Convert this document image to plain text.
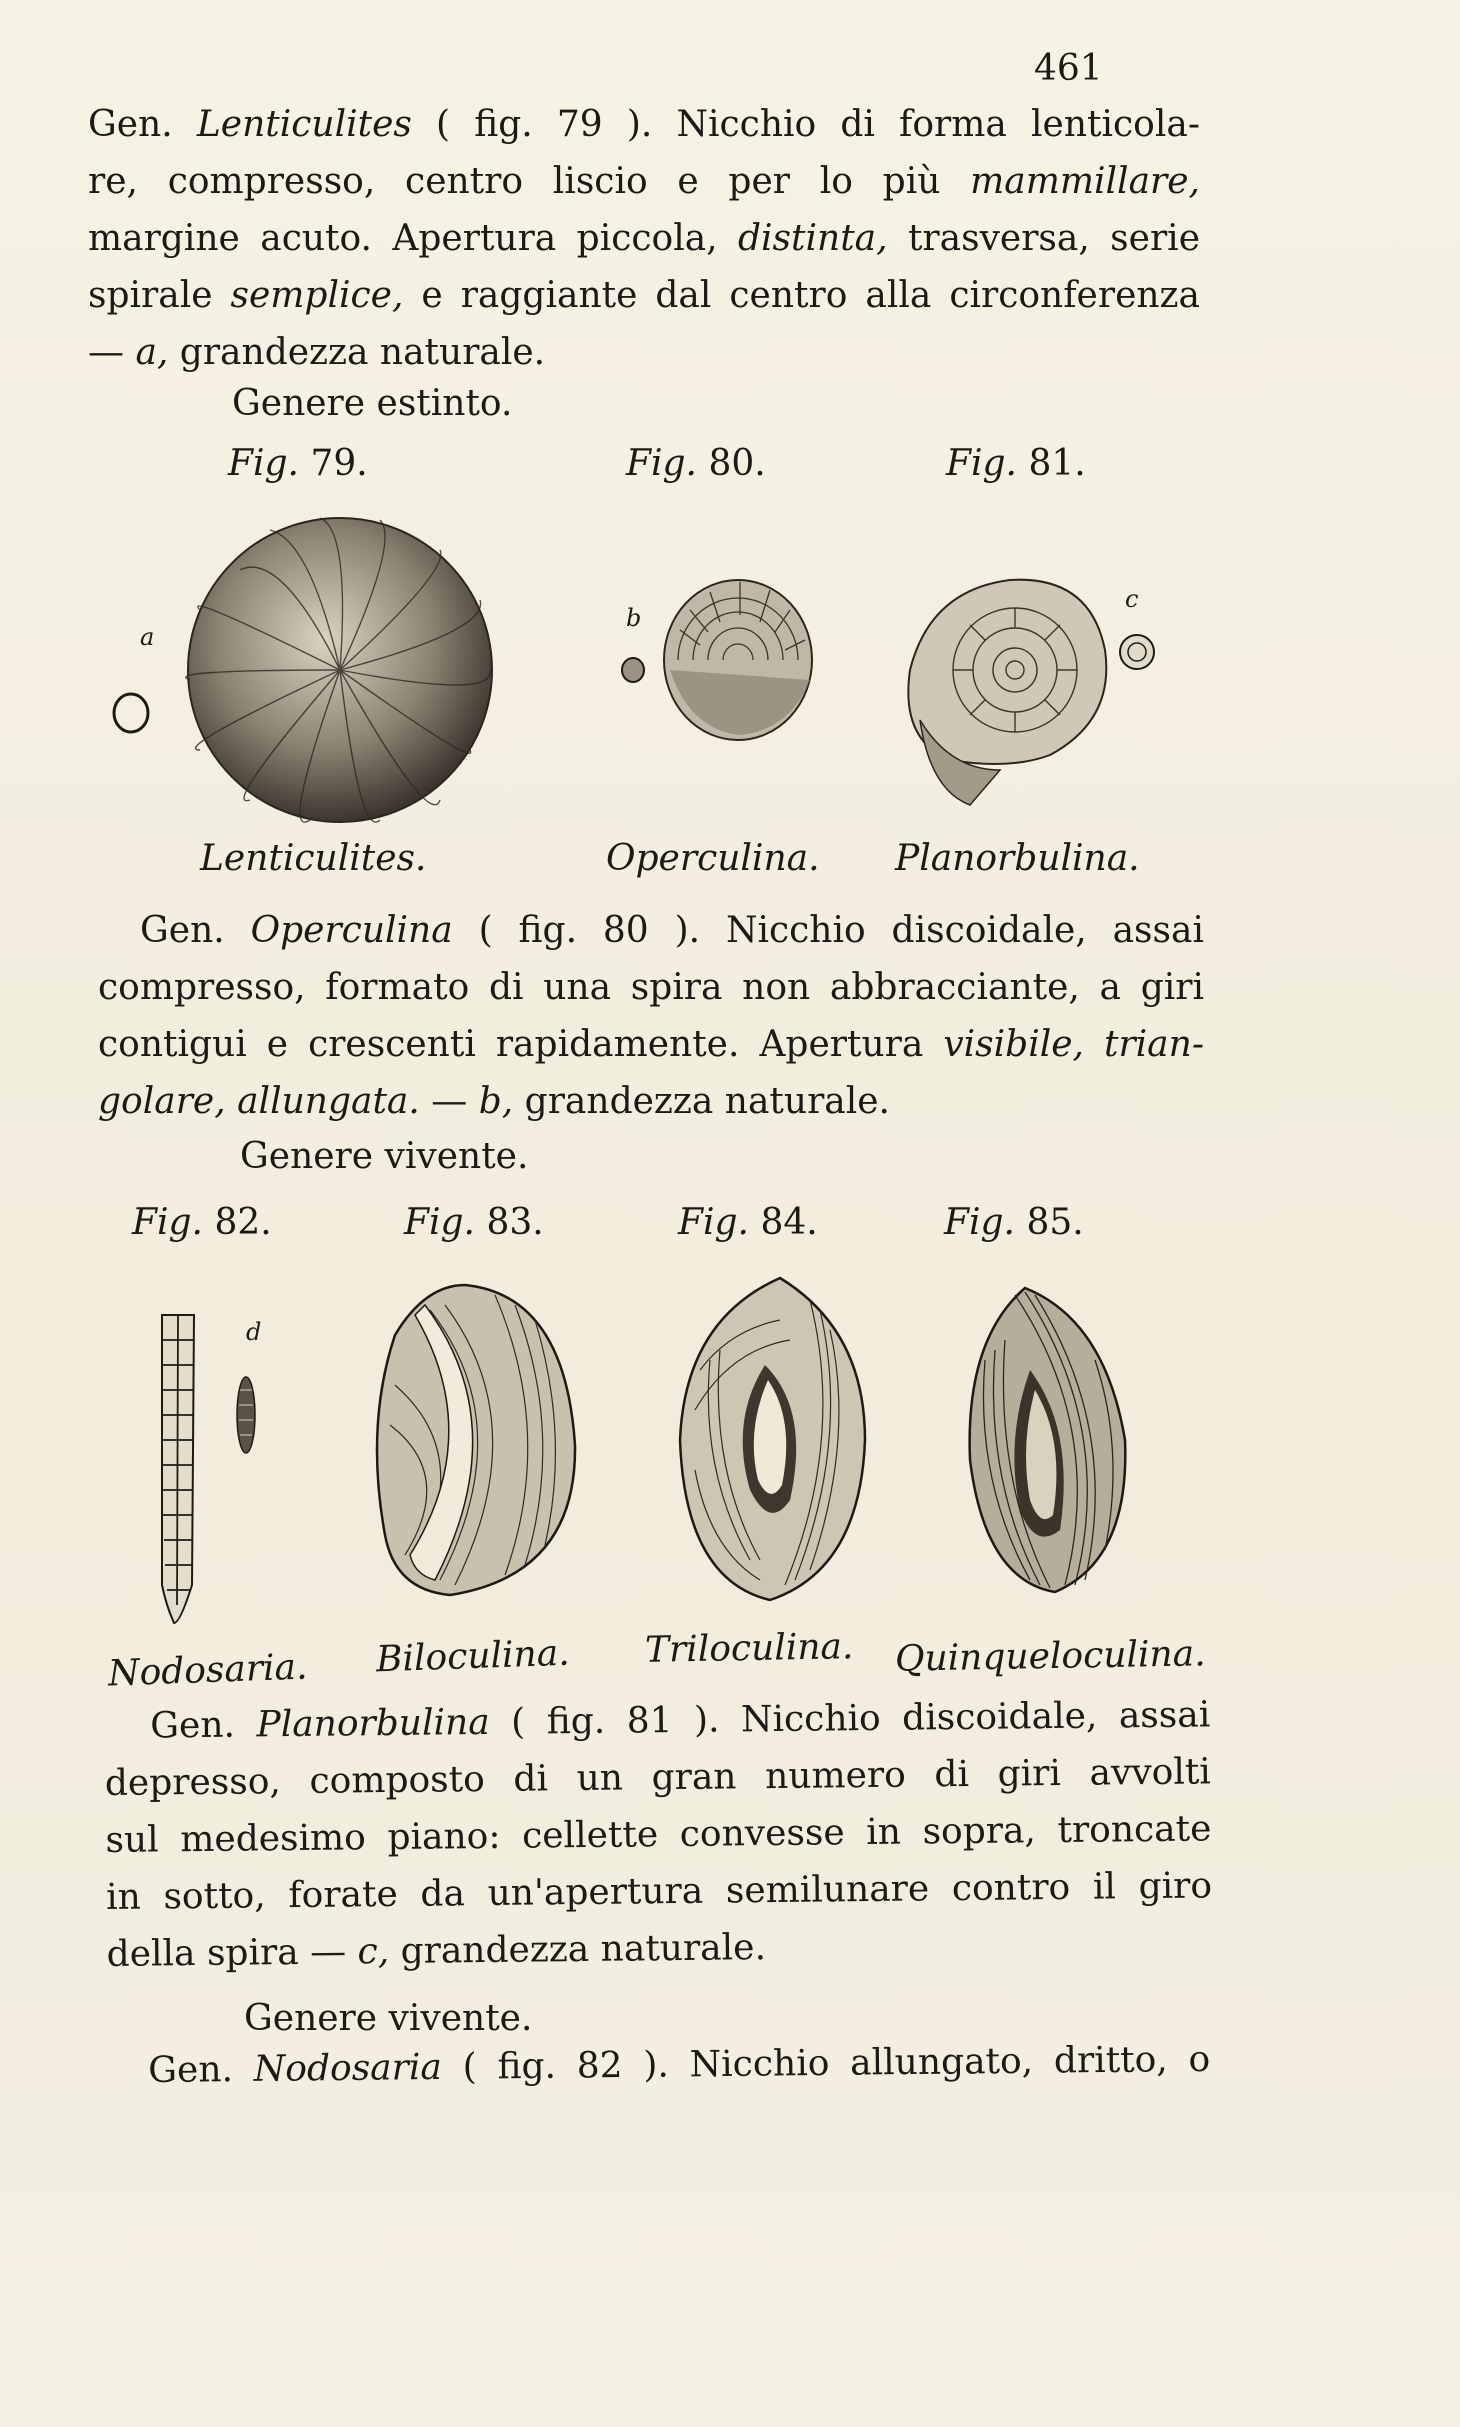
461
Gen. Lenticulites ( fig. 79 ). Nicchio di forma lenticola-
re, compresso, centro liscio e per lo più mammillare,
margine acuto. Apertura piccola, distinta, trasversa, serie
spirale semplice, e raggiante dal centro alla circonferenza
— a, grandezza naturale.
Genere estinto.
Fig. 79.	Fig. 80.	Fig. 81.
a
b
c
Lenticulites.	Operculina. Planorbulina.
Gen. Operculina ( fig. 80 ). Nicchio discoidale, assai
compresso, formato di una spira non abbracciante, a giri
contigui e crescenti rapidamente. Apertura visibile, trian-
golare, allungata. — b, grandezza naturale.
Genere vivente.
Fig. 82.	Fig. 83.	Fig. 84.	Fig. 85.
d
Nodosaria. Biloculina. Triloculina. Quinqueloculina.
Gen. Planorbulina ( fig. 81 ). Nicchio discoidale, assai
depresso, composto di un gran numero di giri avvolti
sul medesimo piano: cellette convesse in sopra, troncate
in sotto, forate da un'apertura semilunare contro il giro
della spira — c, grandezza naturale.
Genere vivente.
Gen. Nodosaria ( fig. 82 ). Nicchio allungato, dritto, o
